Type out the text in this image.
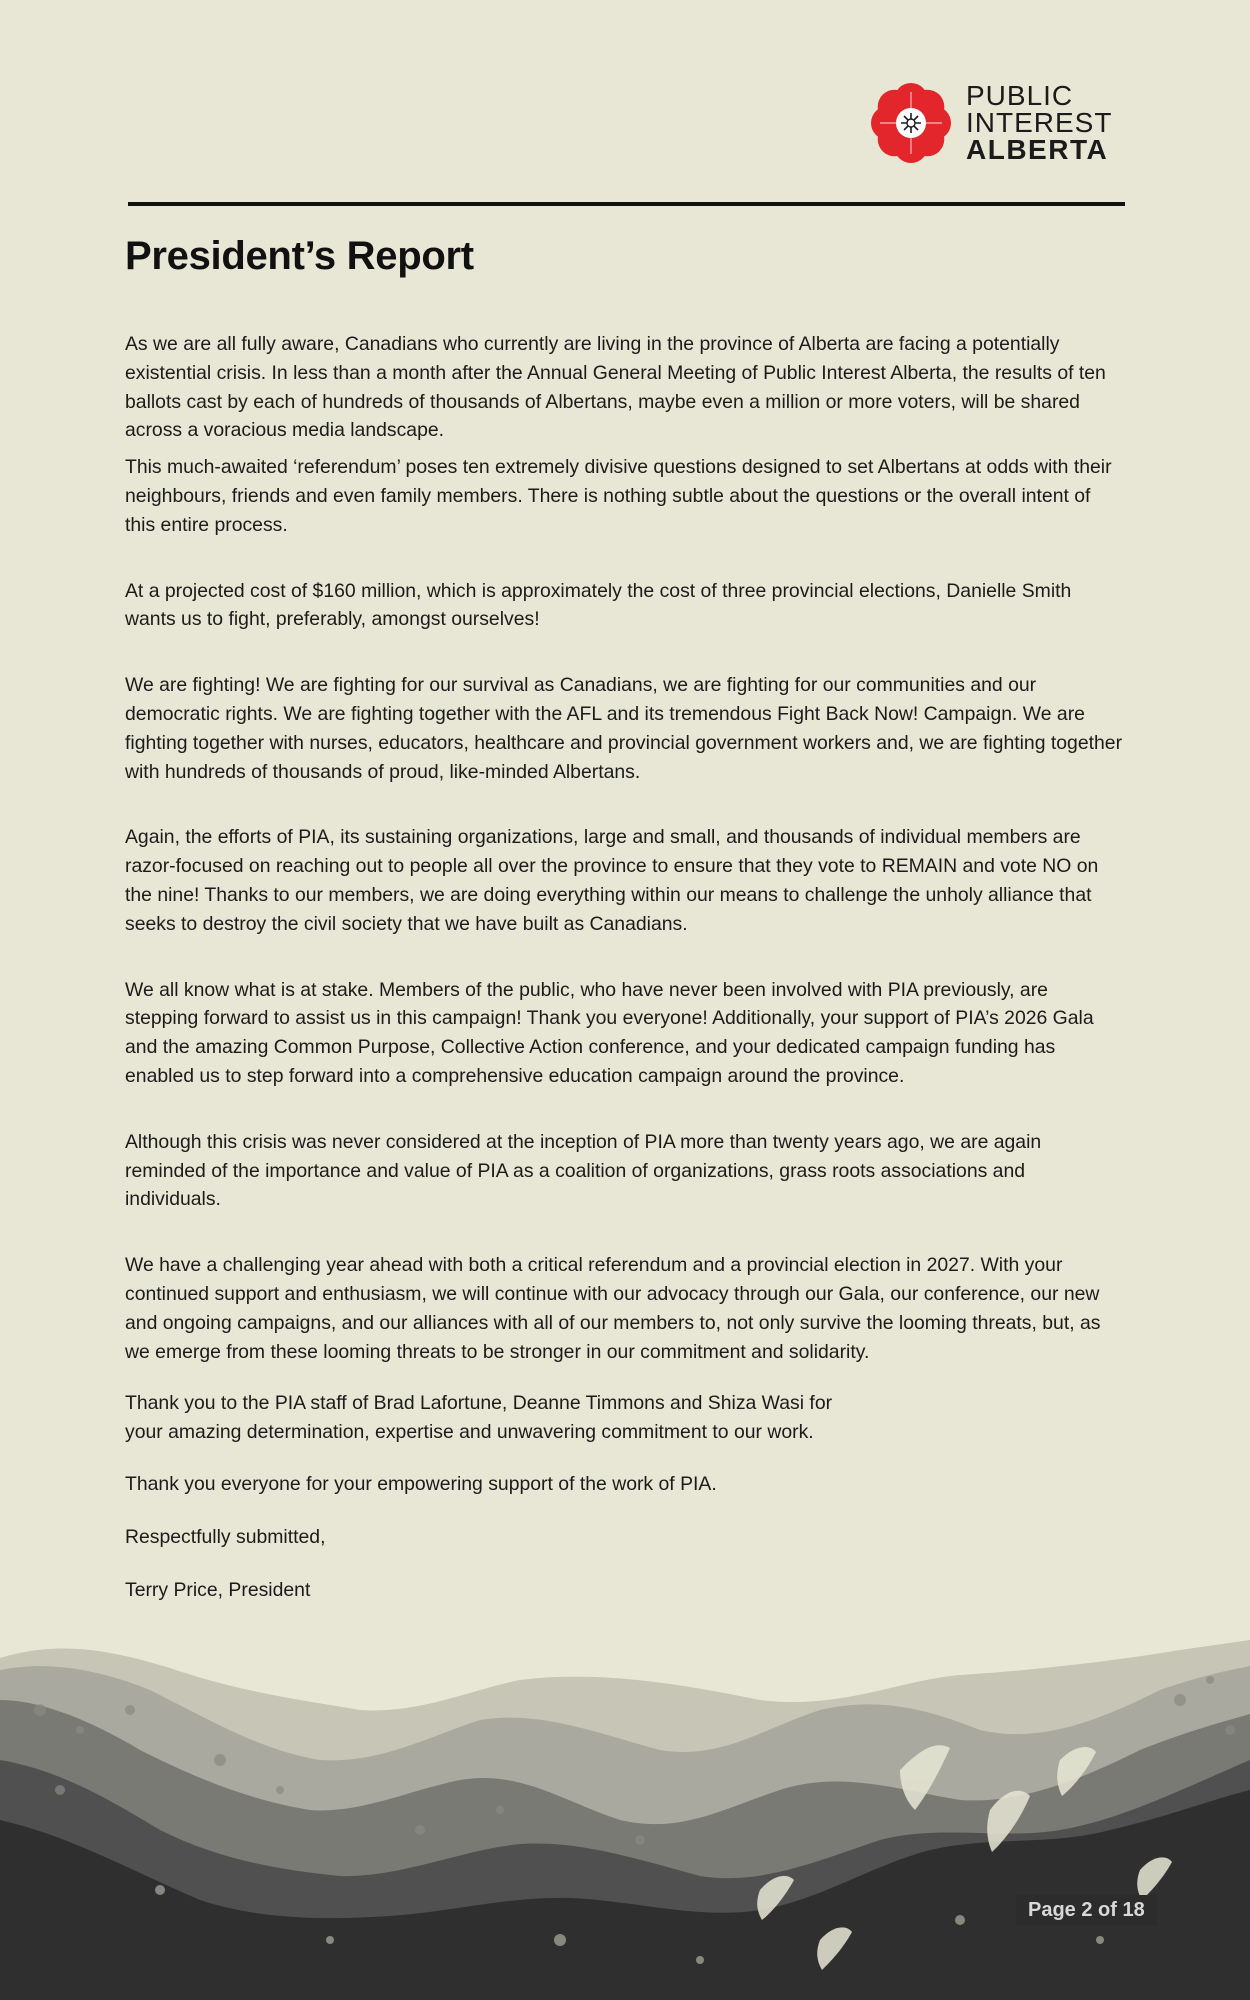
PUBLIC
INTEREST
ALBERTA
President’s Report

As we are all fully aware, Canadians who currently are living in the province of Alberta are facing a potentially existential crisis. In less than a month after the Annual General Meeting of Public Interest Alberta, the results of ten ballots cast by each of hundreds of thousands of Albertans, maybe even a million or more voters, will be shared across a voracious media landscape.

This much-awaited ‘referendum’ poses ten extremely divisive questions designed to set Albertans at odds with their neighbours, friends and even family members. There is nothing subtle about the questions or the overall intent of this entire process.

At a projected cost of $160 million, which is approximately the cost of three provincial elections, Danielle Smith wants us to fight, preferably, amongst ourselves!

We are fighting! We are fighting for our survival as Canadians, we are fighting for our communities and our democratic rights. We are fighting together with the AFL and its tremendous Fight Back Now! Campaign. We are fighting together with nurses, educators, healthcare and provincial government workers and, we are fighting together with hundreds of thousands of proud, like-minded Albertans.

Again, the efforts of PIA, its sustaining organizations, large and small, and thousands of individual members are razor-focused on reaching out to people all over the province to ensure that they vote to REMAIN and vote NO on the nine! Thanks to our members, we are doing everything within our means to challenge the unholy alliance that seeks to destroy the civil society that we have built as Canadians.

We all know what is at stake. Members of the public, who have never been involved with PIA previously, are stepping forward to assist us in this campaign! Thank you everyone! Additionally, your support of PIA’s 2026 Gala and the amazing Common Purpose, Collective Action conference, and your dedicated campaign funding has enabled us to step forward into a comprehensive education campaign around the province.

Although this crisis was never considered at the inception of PIA more than twenty years ago, we are again reminded of the importance and value of PIA as a coalition of organizations, grass roots associations and individuals.

We have a challenging year ahead with both a critical referendum and a provincial election in 2027. With your continued support and enthusiasm, we will continue with our advocacy through our Gala, our conference, our new and ongoing campaigns, and our alliances with all of our members to, not only survive the looming threats, but, as we emerge from these looming threats to be stronger in our commitment and solidarity.

Thank you to the PIA staff of Brad Lafortune, Deanne Timmons and Shiza Wasi for your amazing determination, expertise and unwavering commitment to our work.

Thank you everyone for your empowering support of the work of PIA.

Respectfully submitted,

Terry Price, President

Page 2 of 18
